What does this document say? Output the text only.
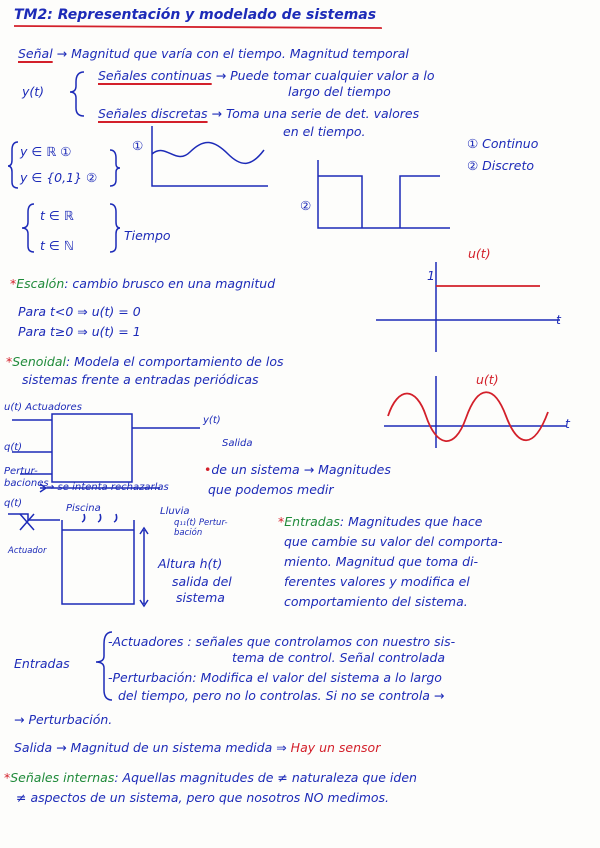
TM2: Representación y modelado de sistemas
Señal → Magnitud que varía con el tiempo. Magnitud temporal
y(t)
Señales continuas → Puede tomar cualquier valor a lo
largo del tiempo
Señales discretas → Toma una serie de det. valores
en el tiempo.
y ∈ ℝ ①
y ∈ {0,1} ②
① Continuo
② Discreto
①
②
t ∈ ℝ
t ∈ ℕ
Tiempo
*Escalón: cambio brusco en una magnitud
Para t<0 ⇒ u(t) = 0
Para t≥0 ⇒ u(t) = 1
u(t)
1
t
*Senoidal: Modela el comportamiento de los
sistemas frente a entradas periódicas	u(t)
t
u(t) Actuadores
q(t)
Pertur-
baciones
y(t)
Salida
•de un sistema → Magnitudes
que podemos medir
→ se intenta rechazarlas
q(t)	Piscina	Lluvia
q₁₁(t) Pertur-
bación
Actuador
Altura h(t)
salida del
sistema
*Entradas: Magnitudes que hace
que cambie su valor del comporta-
miento. Magnitud que toma di-
ferentes valores y modifica el
comportamiento del sistema.
Entradas
-Actuadores : señales que controlamos con nuestro sis-
tema de control. Señal controlada
-Perturbación: Modifica el valor del sistema a lo largo
del tiempo, pero no lo controlas. Si no se controla →
→ Perturbación.
Salida → Magnitud de un sistema medida ⇒ Hay un sensor
*Señales internas: Aquellas magnitudes de ≠ naturaleza que iden
≠ aspectos de un sistema, pero que nosotros NO medimos.
